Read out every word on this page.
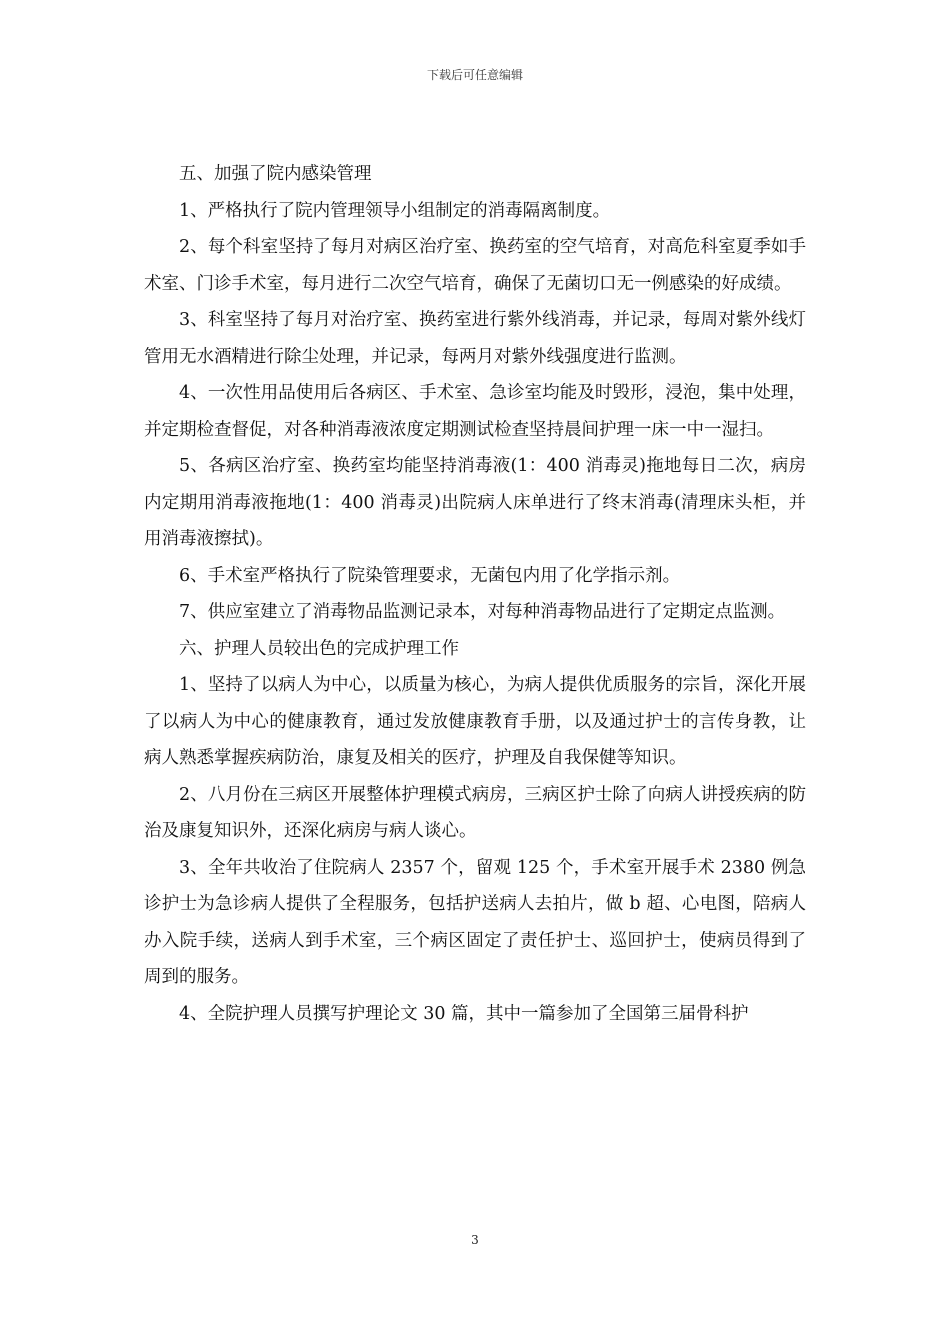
下载后可任意编辑

五、加强了院内感染管理

1、严格执行了院内管理领导小组制定的消毒隔离制度。

2、每个科室坚持了每月对病区治疗室、换药室的空气培育，对高危科室夏季如手术室、门诊手术室，每月进行二次空气培育，确保了无菌切口无一例感染的好成绩。

3、科室坚持了每月对治疗室、换药室进行紫外线消毒，并记录，每周对紫外线灯管用无水酒精进行除尘处理，并记录，每两月对紫外线强度进行监测。

4、一次性用品使用后各病区、手术室、急诊室均能及时毁形，浸泡，集中处理，并定期检查督促，对各种消毒液浓度定期测试检查坚持晨间护理一床一中一湿扫。

5、各病区治疗室、换药室均能坚持消毒液(1：400 消毒灵)拖地每日二次，病房内定期用消毒液拖地(1：400 消毒灵)出院病人床单进行了终末消毒(清理床头柜，并用消毒液擦拭)。

6、手术室严格执行了院染管理要求，无菌包内用了化学指示剂。

7、供应室建立了消毒物品监测记录本，对每种消毒物品进行了定期定点监测。

六、护理人员较出色的完成护理工作

1、坚持了以病人为中心，以质量为核心，为病人提供优质服务的宗旨，深化开展了以病人为中心的健康教育，通过发放健康教育手册，以及通过护士的言传身教，让病人熟悉掌握疾病防治，康复及相关的医疗，护理及自我保健等知识。

2、八月份在三病区开展整体护理模式病房，三病区护士除了向病人讲授疾病的防治及康复知识外，还深化病房与病人谈心。

3、全年共收治了住院病人 2357 个，留观 125 个，手术室开展手术 2380 例急诊护士为急诊病人提供了全程服务，包括护送病人去拍片，做 b 超、心电图，陪病人办入院手续，送病人到手术室，三个病区固定了责任护士、巡回护士，使病员得到了周到的服务。

4、全院护理人员撰写护理论文 30 篇，其中一篇参加了全国第三届骨科护

3
